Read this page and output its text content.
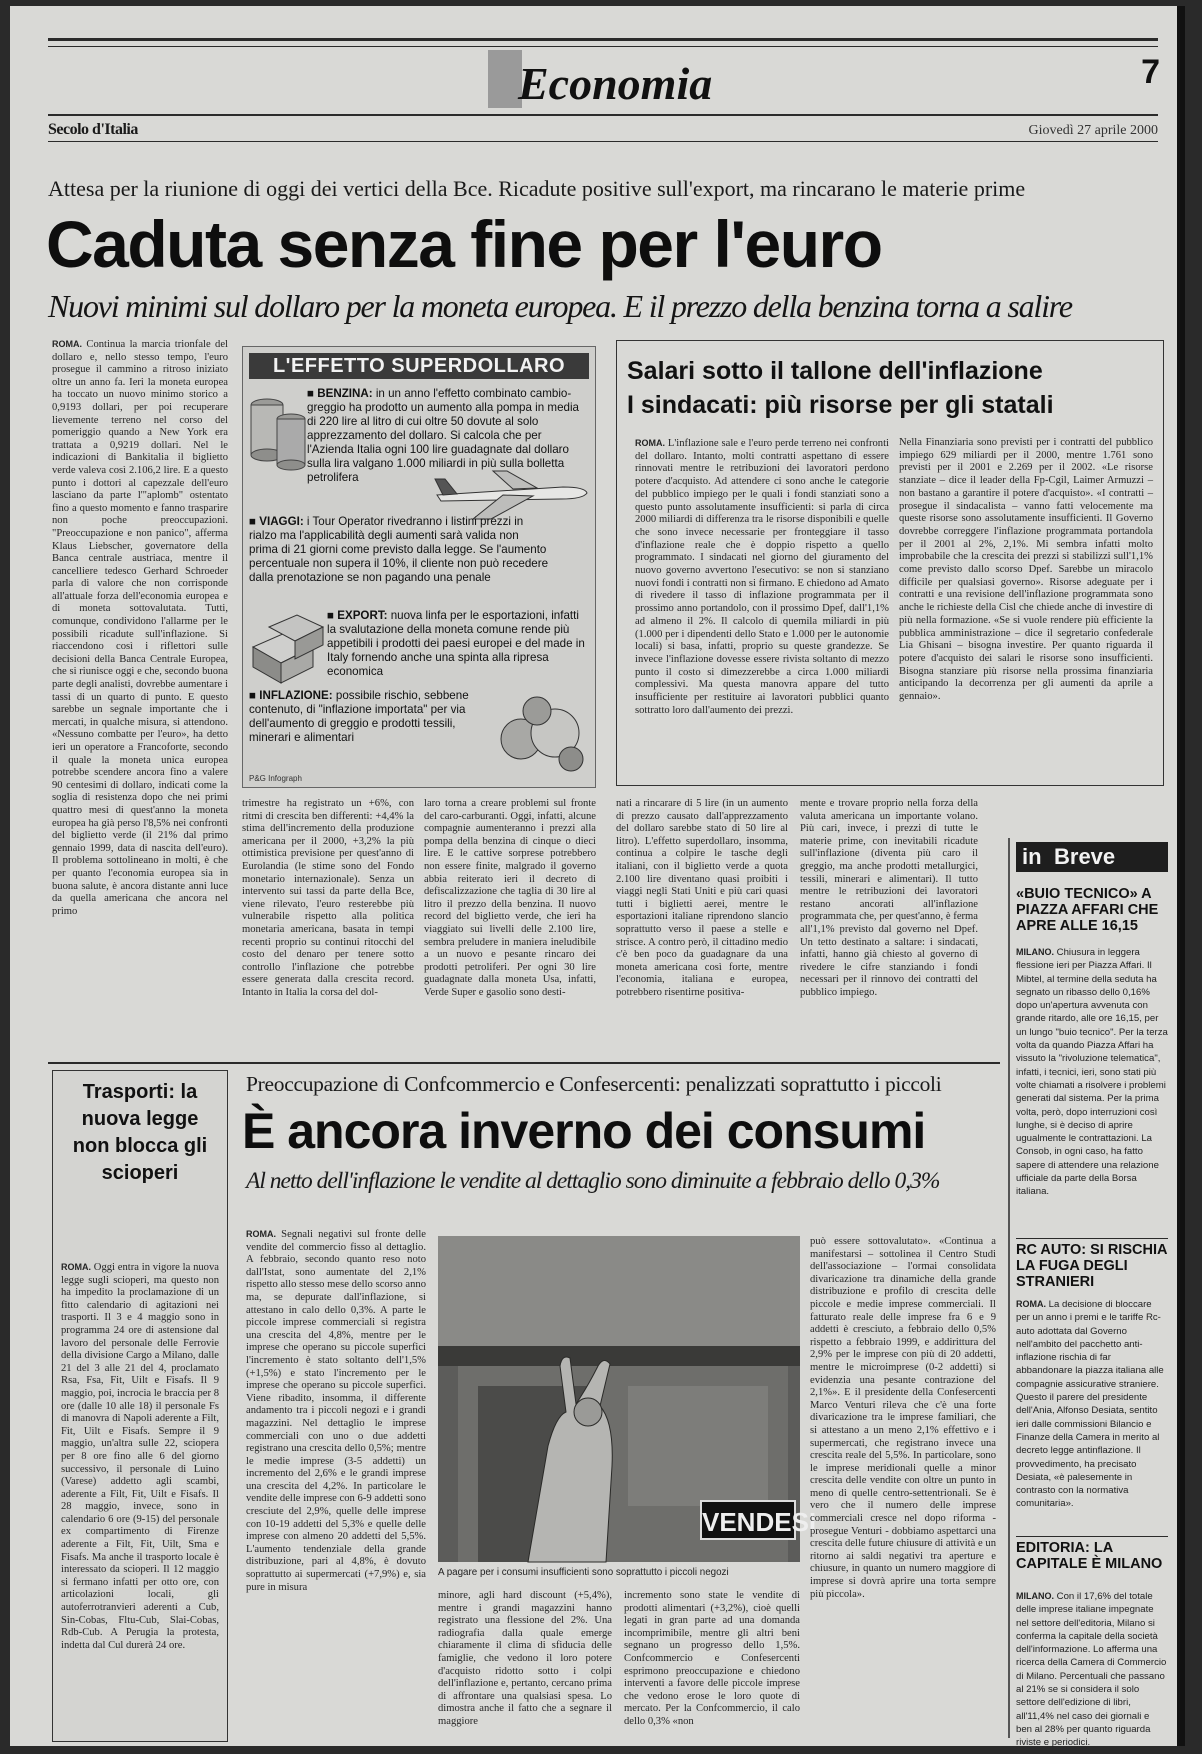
Economia	7
Secolo d'Italia	Giovedì 27 aprile 2000
Attesa per la riunione di oggi dei vertici della Bce. Ricadute positive sull'export, ma rincarano le materie prime
Caduta senza fine per l'euro
Nuovi minimi sul dollaro per la moneta europea. E il prezzo della benzina torna a salire
ROMA. Continua la marcia trionfale del dollaro e, nello stesso tempo, l'euro prosegue il cammino a ritroso iniziato oltre un anno fa. Ieri la moneta europea ha toccato un nuovo minimo storico a 0,9193 dollari, per poi recuperare lievemente terreno nel corso del pomeriggio quando a New York era trattata a 0,9219 dollari. Nel le indicazioni di Bankitalia il biglietto verde valeva così 2.106,2 lire. E a questo punto i dottori al capezzale dell'euro lasciano da parte l'"aplomb" ostentato fino a questo momento e fanno trasparire non poche preoccupazioni. "Preoccupazione e non panico", afferma Klaus Liebscher, governatore della Banca centrale austriaca, mentre il cancelliere tedesco Gerhard Schroeder parla di valore che non corrisponde all'attuale forza dell'economia europea e di moneta sottovalutata. Tutti, comunque, condividono l'allarme per le possibili ricadute sull'inflazione. Si riaccendono così i riflettori sulle decisioni della Banca Centrale Europea, che si riunisce oggi e che, secondo buona parte degli analisti, dovrebbe aumentare i tassi di un quarto di punto. E questo sarebbe un segnale importante che i mercati, in qualche misura, si attendono. «Nessuno combatte per l'euro», ha detto ieri un operatore a Francoforte, secondo il quale la moneta unica europea potrebbe scendere ancora fino a valere 90 centesimi di dollaro, indicati come la soglia di resistenza dopo che nei primi quattro mesi di quest'anno la moneta europea ha già perso l'8,5% nei confronti del biglietto verde (il 21% dal primo gennaio 1999, data di nascita dell'euro). Il problema sottolineano in molti, è che per quanto l'economia europea sia in buona salute, è ancora distante anni luce da quella americana che ancora nel primo
L'EFFETTO SUPERDOLLARO
■ BENZINA: in un anno l'effetto combinato cambio-greggio ha prodotto un aumento alla pompa in media di 220 lire al litro di cui oltre 50 dovute al solo apprezzamento del dollaro. Si calcola che per l'Azienda Italia ogni 100 lire guadagnate dal dollaro sulla lira valgano 1.000 miliardi in più sulla bolletta petrolifera
■ VIAGGI: i Tour Operator rivedranno i listini prezzi in rialzo ma l'applicabilità degli aumenti sarà valida non prima di 21 giorni come previsto dalla legge. Se l'aumento percentuale non supera il 10%, il cliente non può recedere dalla prenotazione se non pagando una penale
■ EXPORT: nuova linfa per le esportazioni, infatti la svalutazione della moneta comune rende più appetibili i prodotti dei paesi europei e del made in Italy fornendo anche una spinta alla ripresa economica
■ INFLAZIONE: possibile rischio, sebbene contenuto, di "inflazione importata" per via dell'aumento di greggio e prodotti tessili, minerari e alimentari
P&G Infograph
Salari sotto il tallone dell'inflazione
I sindacati: più risorse per gli statali
ROMA. L'inflazione sale e l'euro perde terreno nei confronti del dollaro. Intanto, molti contratti aspettano di essere rinnovati mentre le retribuzioni dei lavoratori perdono potere d'acquisto. Ad attendere ci sono anche le categorie del pubblico impiego per le quali i fondi stanziati sono a questo punto assolutamente insufficienti: si parla di circa 2000 miliardi di differenza tra le risorse disponibili e quelle che sono invece necessarie per fronteggiare il tasso d'inflazione reale che è doppio rispetto a quello programmato. I sindacati nel giorno del giuramento del nuovo governo avvertono l'esecutivo: se non si stanziano nuovi fondi i contratti non si firmano. E chiedono ad Amato di rivedere il tasso di inflazione programmata per il prossimo anno portandolo, con il prossimo Dpef, dall'1,1% ad almeno il 2%. Il calcolo di quemila miliardi in più (1.000 per i dipendenti dello Stato e 1.000 per le autonomie locali) si basa, infatti, proprio su queste grandezze. Se invece l'inflazione dovesse essere rivista soltanto di mezzo punto il costo si dimezzerebbe a circa 1.000 miliardi complessivi. Ma questa manovra appare del tutto insufficiente per restituire ai lavoratori pubblici quanto sottratto loro dall'aumento dei prezzi.
Nella Finanziaria sono previsti per i contratti del pubblico impiego 629 miliardi per il 2000, mentre 1.761 sono previsti per il 2001 e 2.269 per il 2002. «Le risorse stanziate – dice il leader della Fp-Cgil, Laimer Armuzzi – non bastano a garantire il potere d'acquisto». «I contratti – prosegue il sindacalista – vanno fatti velocemente ma queste risorse sono assolutamente insufficienti. Il Governo dovrebbe correggere l'inflazione programmata portandola per il 2001 al 2%, 2,1%. Mi sembra infatti molto improbabile che la crescita dei prezzi si stabilizzi sull'1,1% come previsto dallo scorso Dpef. Sarebbe un miracolo difficile per qualsiasi governo». Risorse adeguate per i contratti e una revisione dell'inflazione programmata sono anche le richieste della Cisl che chiede anche di investire di più nella formazione. «Se si vuole rendere più efficiente la pubblica amministrazione – dice il segretario confederale Lia Ghisani – bisogna investire. Per quanto riguarda il potere d'acquisto dei salari le risorse sono insufficienti. Bisogna stanziare più risorse nella prossima finanziaria anticipando la decorrenza per gli aumenti da aprile a gennaio».
trimestre ha registrato un +6%, con ritmi di crescita ben differenti: +4,4% la stima dell'incremento della produzione americana per il 2000, +3,2% la più ottimistica previsione per quest'anno di Eurolandia (le stime sono del Fondo monetario internazionale). Senza un intervento sui tassi da parte della Bce, viene rilevato, l'euro resterebbe più vulnerabile rispetto alla politica monetaria americana, basata in tempi recenti proprio su continui ritocchi del costo del denaro per tenere sotto controllo l'inflazione che potrebbe essere generata dalla crescita record. Intanto in Italia la corsa del dol-
laro torna a creare problemi sul fronte del caro-carburanti. Oggi, infatti, alcune compagnie aumenteranno i prezzi alla pompa della benzina di cinque o dieci lire. E le cattive sorprese potrebbero non essere finite, malgrado il governo abbia reiterato ieri il decreto di defiscalizzazione che taglia di 30 lire al litro il prezzo della benzina. Il nuovo record del biglietto verde, che ieri ha viaggiato sui livelli delle 2.100 lire, sembra preludere in maniera ineludibile a un nuovo e pesante rincaro dei prodotti petroliferi. Per ogni 30 lire guadagnate dalla moneta Usa, infatti, Verde Super e gasolio sono desti-
nati a rincarare di 5 lire (in un aumento di prezzo causato dall'apprezzamento del dollaro sarebbe stato di 50 lire al litro). L'effetto superdollaro, insomma, continua a colpire le tasche degli italiani, con il biglietto verde a quota 2.100 lire diventano quasi proibiti i viaggi negli Stati Uniti e più cari quasi tutti i biglietti aerei, mentre le esportazioni italiane riprendono slancio soprattutto verso il paese a stelle e strisce. A contro però, il cittadino medio c'è ben poco da guadagnare da una moneta americana così forte, mentre l'economia, italiana e europea, potrebbero risentirne positiva-
mente e trovare proprio nella forza della valuta americana un importante volano. Più cari, invece, i prezzi di tutte le materie prime, con inevitabili ricadute sull'inflazione (diventa più caro il greggio, ma anche prodotti metallurgici, tessili, minerari e alimentari). Il tutto mentre le retribuzioni dei lavoratori restano ancorati all'inflazione programmata che, per quest'anno, è ferma all'1,1% previsto dal governo nel Dpef. Un tetto destinato a saltare: i sindacati, infatti, hanno già chiesto al governo di rivedere le cifre stanziando i fondi necessari per il rinnovo dei contratti del pubblico impiego.
in Breve
«BUIO TECNICO» A PIAZZA AFFARI CHE APRE ALLE 16,15
MILANO. Chiusura in leggera flessione ieri per Piazza Affari. Il Mibtel, al termine della seduta ha segnato un ribasso dello 0,16% dopo un'apertura avvenuta con grande ritardo, alle ore 16,15, per un lungo "buio tecnico". Per la terza volta da quando Piazza Affari ha vissuto la "rivoluzione telematica", infatti, i tecnici, ieri, sono stati più volte chiamati a risolvere i problemi generati dal sistema. Per la prima volta, però, dopo interruzioni così lunghe, si è deciso di aprire ugualmente le contrattazioni. La Consob, in ogni caso, ha fatto sapere di attendere una relazione ufficiale da parte della Borsa italiana.
RC AUTO: SI RISCHIA LA FUGA DEGLI STRANIERI
ROMA. La decisione di bloccare per un anno i premi e le tariffe Rc-auto adottata dal Governo nell'ambito del pacchetto anti-inflazione rischia di far abbandonare la piazza italiana alle compagnie assicurative straniere. Questo il parere del presidente dell'Ania, Alfonso Desiata, sentito ieri dalle commissioni Bilancio e Finanze della Camera in merito al decreto legge antinflazione. Il provvedimento, ha precisato Desiata, «è palesemente in contrasto con la normativa comunitaria».
EDITORIA: LA CAPITALE È MILANO
MILANO. Con il 17,6% del totale delle imprese italiane impegnate nel settore dell'editoria, Milano si conferma la capitale della società dell'informazione. Lo afferma una ricerca della Camera di Commercio di Milano. Percentuali che passano al 21% se si considera il solo settore dell'edizione di libri, all'11,4% nel caso dei giornali e ben al 28% per quanto riguarda riviste e periodici.
Trasporti: la nuova legge non blocca gli scioperi
ROMA. Oggi entra in vigore la nuova legge sugli scioperi, ma questo non ha impedito la proclamazione di un fitto calendario di agitazioni nei trasporti. Il 3 e 4 maggio sono in programma 24 ore di astensione dal lavoro del personale delle Ferrovie della divisione Cargo a Milano, dalle 21 del 3 alle 21 del 4, proclamato Rsa, Fsa, Fit, Uilt e Fisafs. Il 9 maggio, poi, incrocia le braccia per 8 ore (dalle 10 alle 18) il personale Fs di manovra di Napoli aderente a Filt, Fit, Uilt e Fisafs. Sempre il 9 maggio, un'altra sulle 22, sciopera per 8 ore fino alle 6 del giorno successivo, il personale di Luino (Varese) addetto agli scambi, aderente a Filt, Fit, Uilt e Fisafs. Il 28 maggio, invece, sono in calendario 6 ore (9-15) del personale ex compartimento di Firenze aderente a Filt, Fit, Uilt, Sma e Fisafs. Ma anche il trasporto locale è interessato da scioperi. Il 12 maggio si fermano infatti per otto ore, con articolazioni locali, gli autoferrotranvieri aderenti a Cub, Sin-Cobas, Fltu-Cub, Slai-Cobas, Rdb-Cub. A Perugia la protesta, indetta dal Cul durerà 24 ore.
Preoccupazione di Confcommercio e Confesercenti: penalizzati soprattutto i piccoli
È ancora inverno dei consumi
Al netto dell'inflazione le vendite al dettaglio sono diminuite a febbraio dello 0,3%
ROMA. Segnali negativi sul fronte delle vendite del commercio fisso al dettaglio. A febbraio, secondo quanto reso noto dall'Istat, sono aumentate del 2,1% rispetto allo stesso mese dello scorso anno ma, se depurate dall'inflazione, si attestano in calo dello 0,3%. A parte le piccole imprese commerciali si registra una crescita del 4,8%, mentre per le imprese che operano su piccole superfici l'incremento è stato soltanto dell'1,5% (+1,5%) e stato l'incremento per le imprese che operano su piccole superfici. Viene ribadito, insomma, il differente andamento tra i piccoli negozi e i grandi magazzini. Nel dettaglio le imprese commerciali con uno o due addetti registrano una crescita dello 0,5%; mentre le medie imprese (3-5 addetti) un incremento del 2,6% e le grandi imprese una crescita del 4,2%. In particolare le vendite delle imprese con 6-9 addetti sono cresciute del 2,9%, quelle delle imprese con 10-19 addetti del 5,3% e quelle delle imprese con almeno 20 addetti del 5,5%. L'aumento tendenziale della grande distribuzione, pari al 4,8%, è dovuto soprattutto ai supermercati (+7,9%) e, sia pure in misura
VENDESI
A pagare per i consumi insufficienti sono soprattutto i piccoli negozi
minore, agli hard discount (+5,4%), mentre i grandi magazzini hanno registrato una flessione del 2%. Una radiografia dalla quale emerge chiaramente il clima di sfiducia delle famiglie, che vedono il loro potere d'acquisto ridotto sotto i colpi dell'inflazione e, pertanto, cercano prima di affrontare una qualsiasi spesa. Lo dimostra anche il fatto che a segnare il maggiore
incremento sono state le vendite di prodotti alimentari (+3,2%), cioè quelli legati in gran parte ad una domanda incomprimibile, mentre gli altri beni segnano un progresso dello 1,5%. Confcommercio e Confesercenti esprimono preoccupazione e chiedono interventi a favore delle piccole imprese che vedono erose le loro quote di mercato. Per la Confcommercio, il calo dello 0,3% «non
può essere sottovalutato». «Continua a manifestarsi – sottolinea il Centro Studi dell'associazione – l'ormai consolidata divaricazione tra dinamiche della grande distribuzione e profilo di crescita delle piccole e medie imprese commerciali. Il fatturato reale delle imprese fra 6 e 9 addetti è cresciuto, a febbraio dello 0,5% rispetto a febbraio 1999, e addirittura del 2,9% per le imprese con più di 20 addetti, mentre le microimprese (0-2 addetti) si evidenzia una pesante contrazione del 2,1%». E il presidente della Confesercenti Marco Venturi rileva che c'è una forte divaricazione tra le imprese familiari, che si attestano a un meno 2,1% effettivo e i supermercati, che registrano invece una crescita reale del 5,5%. In particolare, sono le imprese meridionali quelle a minor crescita delle vendite con oltre un punto in meno di quelle centro-settentrionali. Se è vero che il numero delle imprese commerciali cresce nel dopo riforma - prosegue Venturi - dobbiamo aspettarci una crescita delle future chiusure di attività e un ritorno ai saldi negativi tra aperture e chiusure, in quanto un numero maggiore di imprese si dovrà aprire una torta sempre più piccola».
